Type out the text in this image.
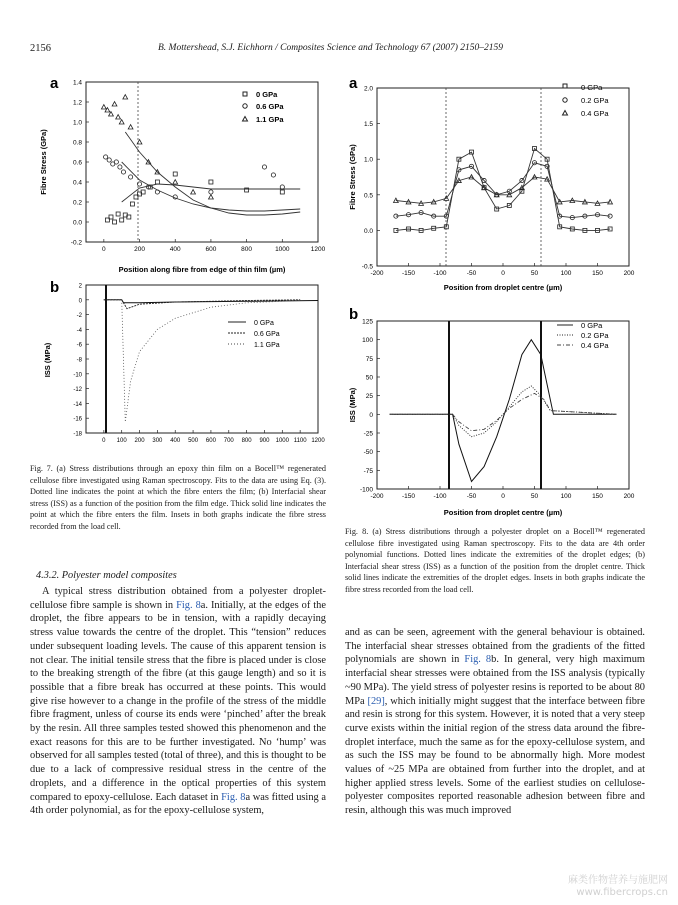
2156	B. Mottershead, S.J. Eichhorn / Composites Science and Technology 67 (2007) 2150–2159
a
0	200	400	600	800	1000	1200
-0.2
0.0
0.2
0.4
0.6
0.8
1.0
1.2
1.4
0 GPa
0.6 GPa
1.1 GPa
Fibre Stress (GPa)
Position along fibre from edge of thin film (µm)
b
0 100 200 300 400 500 600 700 800 900 1000 1100 1200
2
0
-2
-4
-6
-8
-10
-12
-14
-16
-18
0 GPa
0.6 GPa
1.1 GPa
ISS (MPa)

Fig. 7. (a) Stress distributions through an epoxy thin film on a Bocell™ regenerated cellulose fibre investigated using Raman spectroscopy. Fits to the data are using Eq. (3). Dotted line indicates the point at which the fibre enters the film; (b) Interfacial shear stress (ISS) as a function of the position from the film edge. Thick solid line indicates the point at which the fibre enters the film. Insets in both graphs indicate the fibre stress recorded from the load cell.

a
-200	-150	-100	-50	0	50	100	150	200
-0.5
0.0
0.5
1.0
1.5
2.0	0 GPa
0.2 GPa
0.4 GPa
Fibre Stress (GPa)
Position from droplet centre (µm)
b
-200	-150	-100	-50	0	50	100	150	200
-100
-75
-50
-25
0
25
50
75
100
125	0 GPa
0.2 GPa
0.4 GPa
ISS (MPa)
Position from droplet centre (µm)

Fig. 8. (a) Stress distributions through a polyester droplet on a Bocell™ regenerated cellulose fibre investigated using Raman spectroscopy. Fits to the data are 4th order polynomial functions. Dotted lines indicate the extremities of the droplet edges; (b) Interfacial shear stress (ISS) as a function of the position from the droplet centre. Thick solid lines indicate the extremities of the droplet edges. Insets in both graphs indicate the fibre stress recorded from the load cell.

4.3.2. Polyester model composites

A typical stress distribution obtained from a polyester droplet-cellulose fibre sample is shown in Fig. 8a. Initially, at the edges of the droplet, the fibre appears to be in tension, with a rapidly decaying stress value towards the centre of the droplet. This “tension” reduces under subsequent loading levels. The cause of this apparent tension is not clear. The initial tensile stress that the fibre is placed under is close to the breaking strength of the fibre (at this gauge length) and so it is possible that a fibre break has occurred at these points. This would give rise however to a change in the profile of the stress of the middle fibre fragment, unless of course its ends were ‘pinched’ after the break by the resin. All three samples tested showed this phenomenon and the exact reasons for this are to be further investigated. No ‘hump’ was observed for all samples tested (total of three), and this is thought to be due to a lack of compressive residual stress in the centre of the droplets, and a difference in the optical properties of this system compared to epoxy-cellulose. Each dataset in Fig. 8a was fitted using a 4th order polynomial, as for the epoxy-cellulose system,

and as can be seen, agreement with the general behaviour is obtained. The interfacial shear stresses obtained from the gradients of the fitted polynomials are shown in Fig. 8b. In general, very high maximum interfacial shear stresses were obtained from the ISS analysis (typically ~90 MPa). The yield stress of polyester resins is reported to be about 80 MPa [29], which initially might suggest that the interface between fibre and resin is strong for this system. However, it is noted that a very steep curve exists within the initial region of the stress data around the fibre-droplet interface, much the same as for the epoxy-cellulose system, and as such the ISS may be found to be abnormally high. More modest values of ~25 MPa are obtained from further into the droplet, and at higher applied stress levels. Some of the earliest studies on cellulose-polyester composites reported reasonable adhesion between fibre and resin, although this was much improved

麻类作物营养与施肥网
www.fibercrops.cn
